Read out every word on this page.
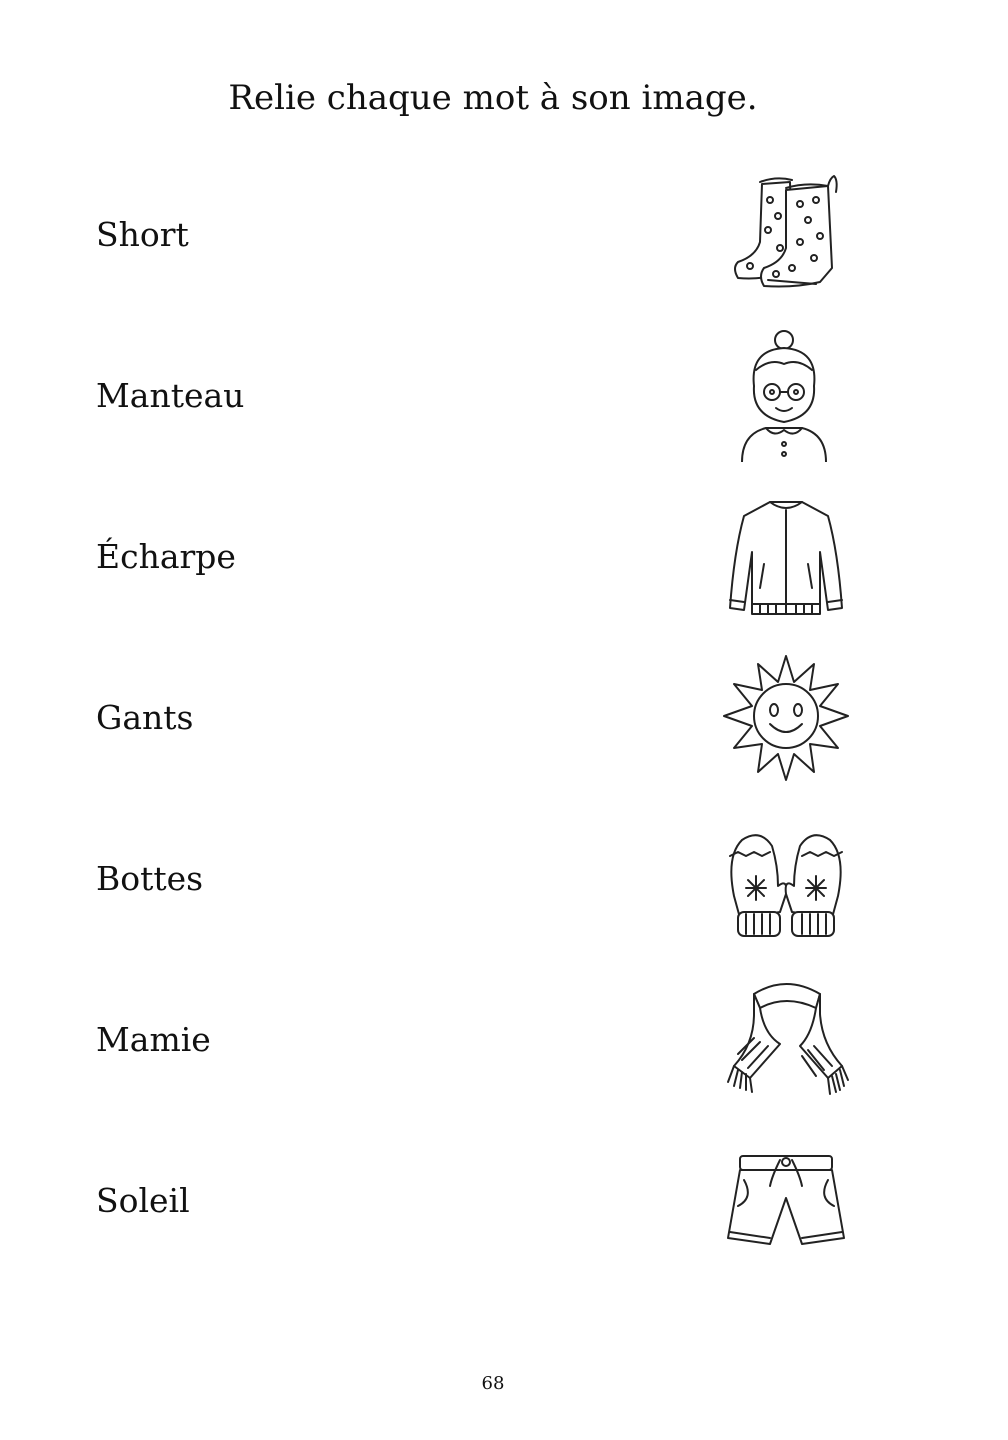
Relie chaque mot à son image.
Short
Manteau
Écharpe
Gants
Bottes
Mamie
Soleil
68
